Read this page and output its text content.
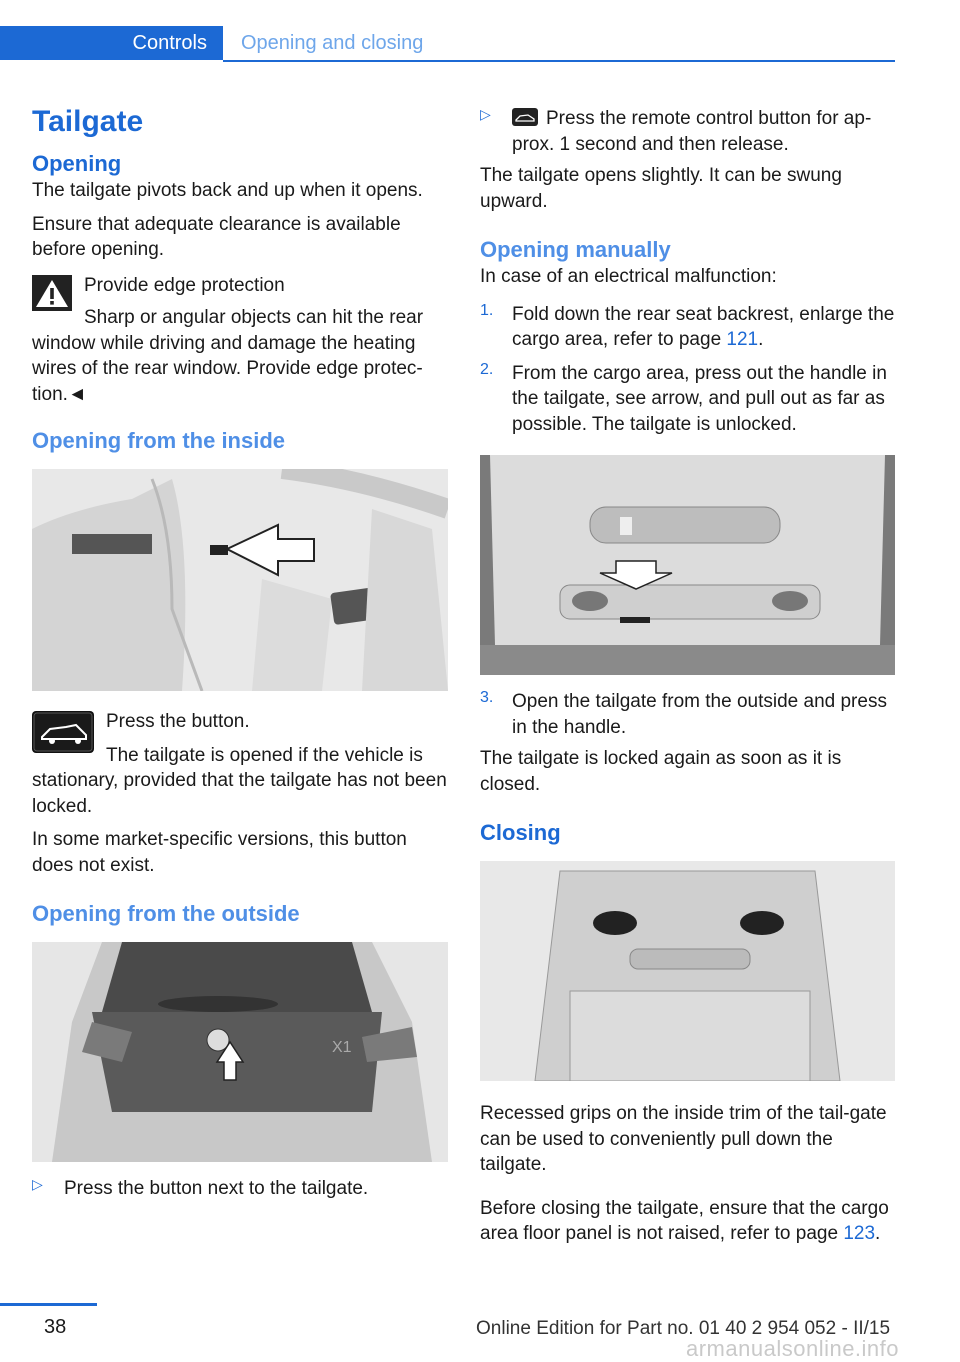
Controls	Opening and closing
Tailgate
Opening

The tailgate pivots back and up when it opens.

Ensure that adequate clearance is available before opening.

Provide edge protection

Sharp or angular objects can hit the rear window while driving and damage the heating wires of the rear window. Provide edge protec‐tion.◄

Opening from the inside

Press the button.

The tailgate is opened if the vehicle is stationary, provided that the tailgate has not been locked.

In some market-specific versions, this button does not exist.

Opening from the outside
X1
▷	Press the button next to the tailgate.

▷	Press the remote control button for ap‐prox. 1 second and then release.

The tailgate opens slightly. It can be swung upward.

Opening manually

In case of an electrical malfunction:

1. Fold down the rear seat backrest, enlarge the cargo area, refer to page 121.

2. From the cargo area, press out the handle in the tailgate, see arrow, and pull out as far as possible. The tailgate is unlocked.

3. Open the tailgate from the outside and press in the handle.

The tailgate is locked again as soon as it is closed.

Closing

Recessed grips on the inside trim of the tail‐gate can be used to conveniently pull down the tailgate.

Before closing the tailgate, ensure that the cargo area floor panel is not raised, refer to page 123.

38	Online Edition for Part no. 01 40 2 954 052 - II/15
armanualsonline.info
